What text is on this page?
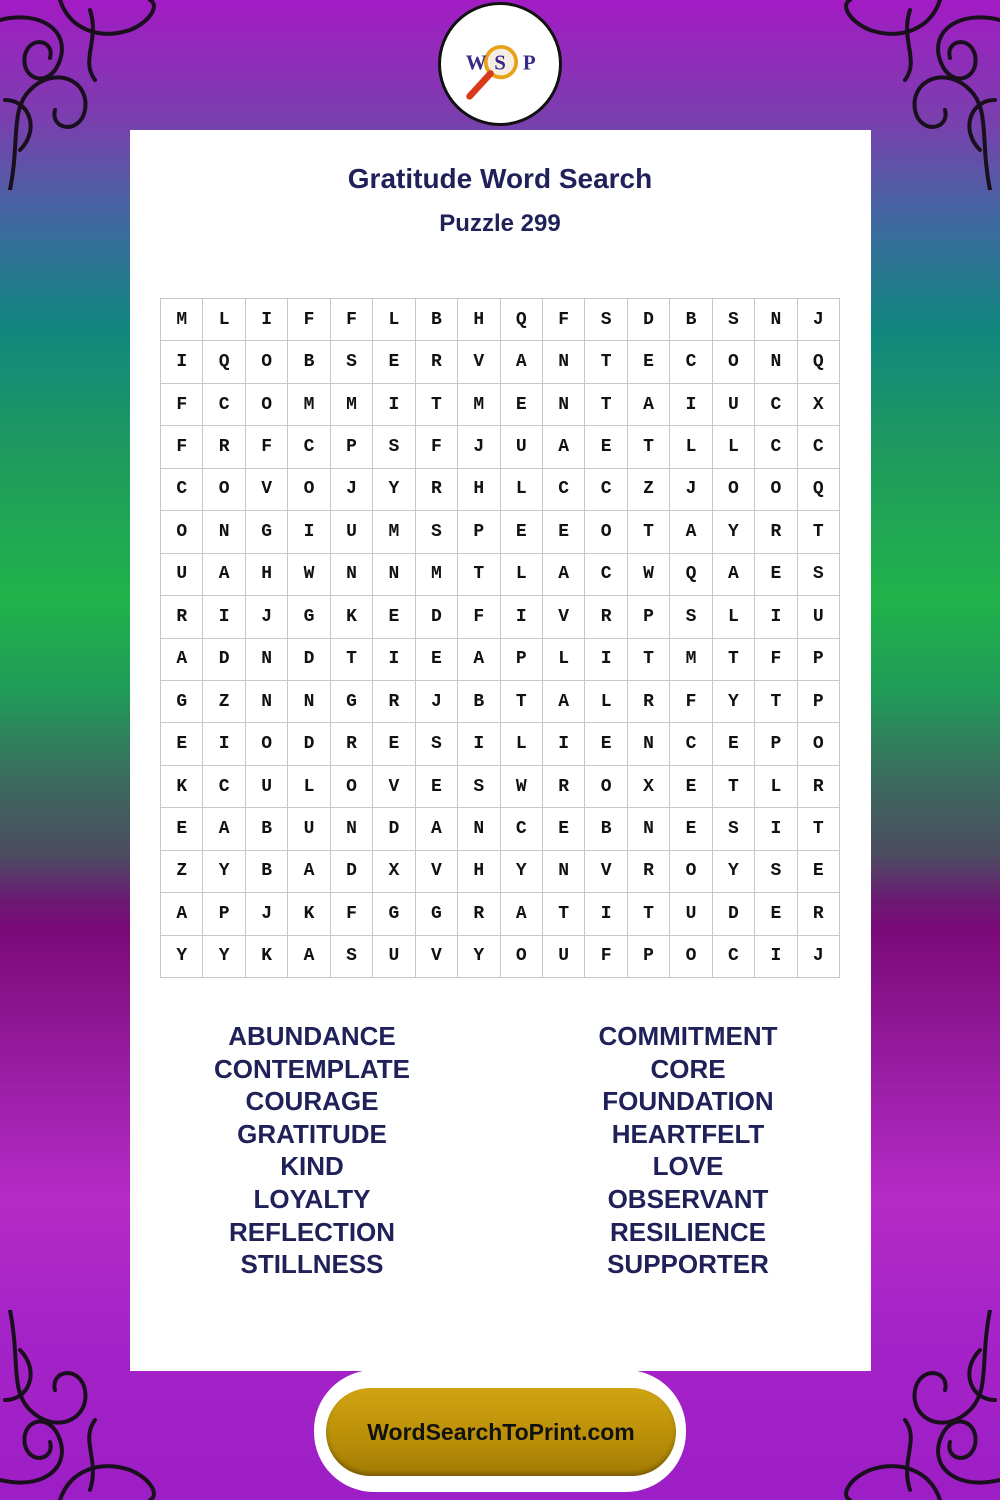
W S P
Gratitude Word Search
Puzzle 299
M	L	I	F	F	L	B	H	Q	F	S	D	B	S	N	J
I	Q	O	B	S	E	R	V	A	N	T	E	C	O	N	Q
F	C	O	M	M	I	T	M	E	N	T	A	I	U	C	X
F	R	F	C	P	S	F	J	U	A	E	T	L	L	C	C
C	O	V	O	J	Y	R	H	L	C	C	Z	J	O	O	Q
O	N	G	I	U	M	S	P	E	E	O	T	A	Y	R	T
U	A	H	W	N	N	M	T	L	A	C	W	Q	A	E	S
R	I	J	G	K	E	D	F	I	V	R	P	S	L	I	U
A	D	N	D	T	I	E	A	P	L	I	T	M	T	F	P
G	Z	N	N	G	R	J	B	T	A	L	R	F	Y	T	P
E	I	O	D	R	E	S	I	L	I	E	N	C	E	P	O
K	C	U	L	O	V	E	S	W	R	O	X	E	T	L	R
E	A	B	U	N	D	A	N	C	E	B	N	E	S	I	T
Z	Y	B	A	D	X	V	H	Y	N	V	R	O	Y	S	E
A	P	J	K	F	G	G	R	A	T	I	T	U	D	E	R
Y	Y	K	A	S	U	V	Y	O	U	F	P	O	C	I	J
ABUNDANCE
CONTEMPLATE
COURAGE
GRATITUDE
KIND
LOYALTY
REFLECTION
STILLNESS
COMMITMENT
CORE
FOUNDATION
HEARTFELT
LOVE
OBSERVANT
RESILIENCE
SUPPORTER
WordSearchToPrint.com
